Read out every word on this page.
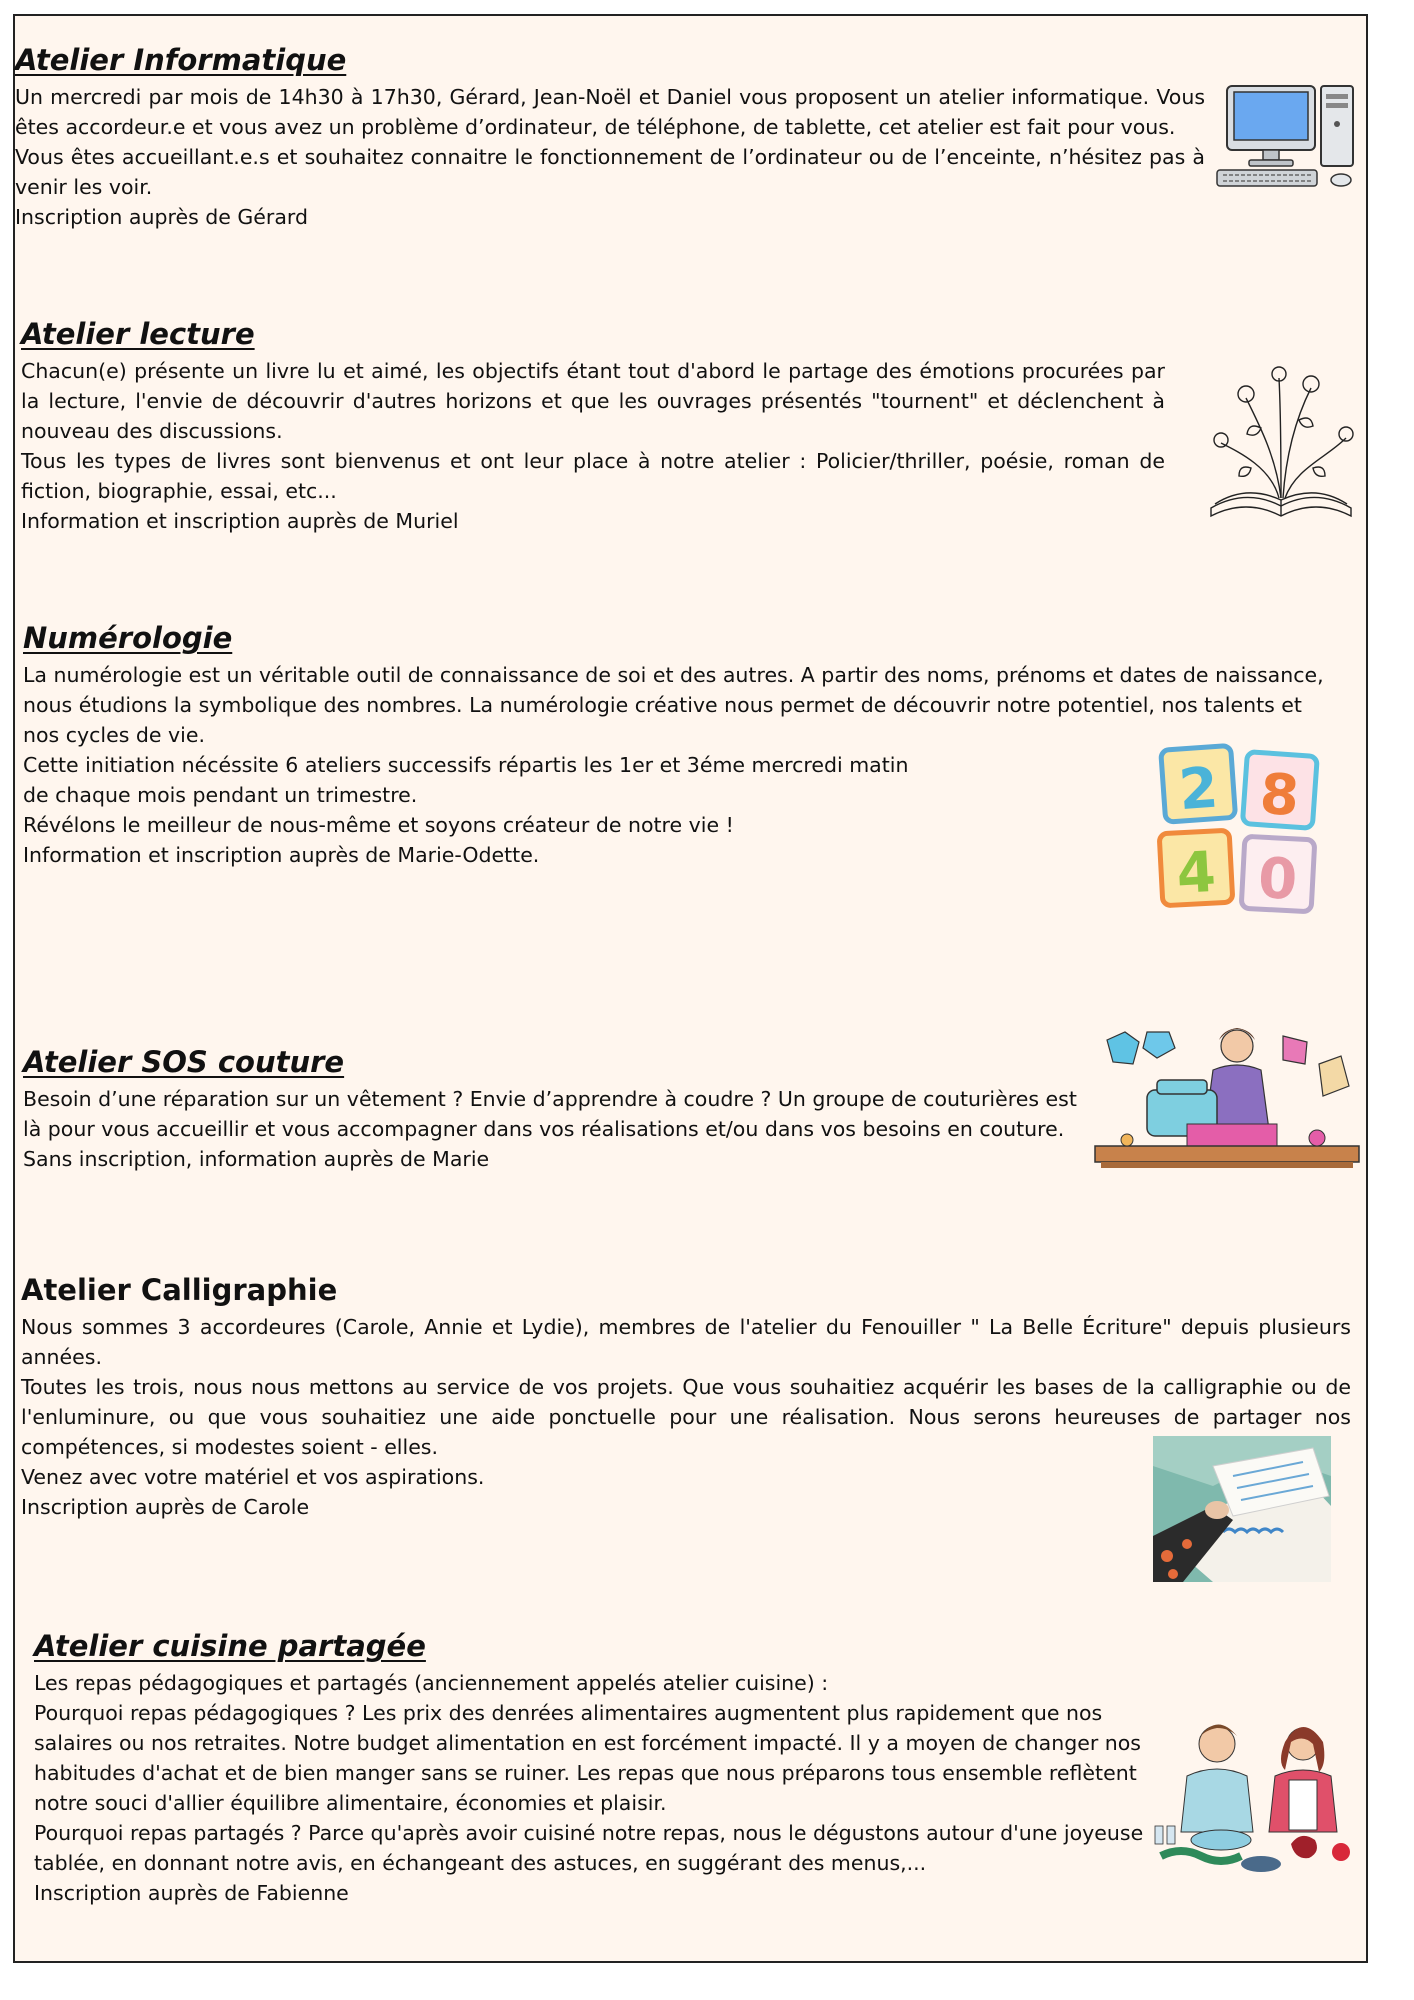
Atelier Informatique

Un mercredi par mois de 14h30 à 17h30, Gérard, Jean-Noël et Daniel vous proposent un atelier informatique. Vous êtes accordeur.e et vous avez un problème d’ordinateur, de téléphone, de tablette, cet atelier est fait pour vous.

Vous êtes accueillant.e.s et souhaitez connaitre le fonctionnement de l’ordinateur ou de l’enceinte, n’hésitez pas à venir les voir.

Inscription auprès de Gérard

Atelier lecture

Chacun(e) présente un livre lu et aimé, les objectifs étant tout d'abord le partage des émotions procurées par la lecture, l'envie de découvrir d'autres horizons et que les ouvrages présentés "tournent" et déclenchent à nouveau des discussions.

Tous les types de livres sont bienvenus et ont leur place à notre atelier : Policier/thriller, poésie, roman de fiction, biographie, essai, etc...

Information et inscription auprès de Muriel

Numérologie

La numérologie est un véritable outil de connaissance de soi et des autres. A partir des noms, prénoms et dates de naissance, nous étudions la symbolique des nombres. La numérologie créative nous permet de découvrir notre potentiel, nos talents et nos cycles de vie.

Cette initiation nécéssite 6 ateliers successifs répartis les 1er et 3éme mercredi matin de chaque mois pendant un trimestre.

Révélons le meilleur de nous-même et soyons créateur de notre vie !

Information et inscription auprès de Marie-Odette.

2 8
4 0
Atelier SOS couture

Besoin d’une réparation sur un vêtement ? Envie d’apprendre à coudre ? Un groupe de couturières est là pour vous accueillir et vous accompagner dans vos réalisations et/ou dans vos besoins en couture.

Sans inscription, information auprès de Marie

Atelier Calligraphie

Nous sommes 3 accordeures (Carole, Annie et Lydie), membres de l'atelier du Fenouiller " La Belle Écriture" depuis plusieurs années.

Toutes les trois, nous nous mettons au service de vos projets. Que vous souhaitiez acquérir les bases de la calligraphie ou de l'enluminure, ou que vous souhaitiez une aide ponctuelle pour une réalisation. Nous serons heureuses de partager nos compétences, si modestes soient - elles.

Venez avec votre matériel et vos aspirations.

Inscription auprès de Carole

Atelier cuisine partagée

Les repas pédagogiques et partagés (anciennement appelés atelier cuisine) :

Pourquoi repas pédagogiques ? Les prix des denrées alimentaires augmentent plus rapidement que nos salaires ou nos retraites. Notre budget alimentation en est forcément impacté. Il y a moyen de changer nos habitudes d'achat et de bien manger sans se ruiner. Les repas que nous préparons tous ensemble reflètent notre souci d'allier équilibre alimentaire, économies et plaisir.

Pourquoi repas partagés ? Parce qu'après avoir cuisiné notre repas, nous le dégustons autour d'une joyeuse tablée, en donnant notre avis, en échangeant des astuces, en suggérant des menus,...

Inscription auprès de Fabienne
